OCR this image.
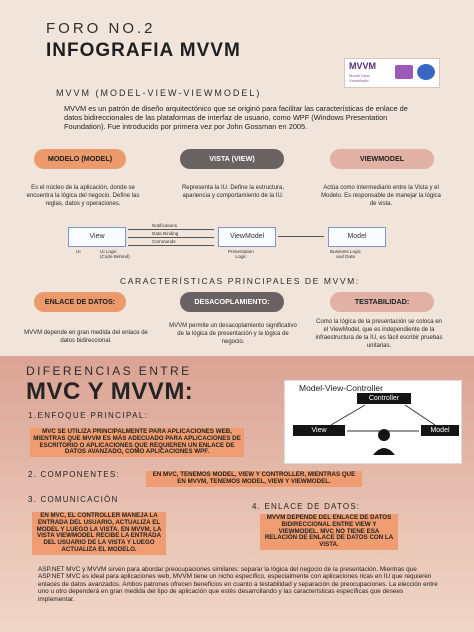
FORO NO.2
INFOGRAFIA MVVM
MVVM
Model View ViewModel
MVVM (MODEL-VIEW-VIEWMODEL)
MVVM es un patrón de diseño arquitectónico que se originó para facilitar las características de enlace de datos bidireccionales de las plataformas de interfaz de usuario, como WPF (Windows Presentation Foundation). Fue introducido por primera vez por John Gossman en 2005.
MODELO (MODEL)	VISTA (VIEW)	VIEWMODEL
Es el núcleo de la aplicación, donde se encuentra la lógica del negocio. Define las reglas, datos y operaciones.
Representa la IU. Define la estructura, apariencia y comportamiento de la IU.
Actúa como intermediario entre la Vista y el Modelo. Es responsable de manejar la lógica de vista.
View	ViewModel	Model
Notifications
Data Binding
Commands
UI	UI Logic
(Code Behind)
Presentation
Logic
Business Logic
and Data
CARACTERÍSTICAS PRINCIPALES DE MVVM:
ENLACE DE DATOS:	DESACOPLAMIENTO:	TESTABILIDAD:
MVVM depende en gran medida del enlace de datos bidireccional.
MVVM permite un desacoplamiento significativo de la lógica de presentación y la lógica de negocio.
Como la lógica de la presentación se coloca en el ViewModel, que es independiente de la infraestructura de la IU, es fácil escribir pruebas unitarias.
DIFERENCIAS ENTRE
MVC Y MVVM:	Model-View-Controller
Controller
View	Model
1.ENFOQUE PRINCIPAL:
MVC SE UTILIZA PRINCIPALMENTE PARA APLICACIONES WEB, MIENTRAS QUE MVVM ES MÁS ADECUADO PARA APLICACIONES DE ESCRITORIO O APLICACIONES QUE REQUIEREN UN ENLACE DE DATOS AVANZADO, COMO APLICACIONES WPF.
2. COMPONENTES:	EN MVC, TENEMOS MODEL, VIEW Y CONTROLLER, MIENTRAS QUE EN MVVM, TENEMOS MODEL, VIEW Y VIEWMODEL.
3. COMUNICACIÓN
EN MVC, EL CONTROLLER MANEJA LA ENTRADA DEL USUARIO, ACTUALIZA EL MODEL Y LUEGO LA VISTA. EN MVVM, LA VISTA VIEWMODEL RECIBE LA ENTRADA DEL USUARIO DE LA VISTA Y LUEGO ACTUALIZA EL MODELO.
4. ENLACE DE DATOS:
MVVM DEPENDE DEL ENLACE DE DATOS BIDIRECCIONAL ENTRE VIEW Y VIEWMODEL. MVC NO TIENE ESA RELACIÓN DE ENLACE DE DATOS CON LA VISTA.
ASP.NET MVC y MVVM sirven para abordar preocupaciones similares: separar la lógica del negocio de la presentación. Mientras que ASP.NET MVC es ideal para aplicaciones web, MVVM tiene un nicho específico, especialmente con aplicaciones ricas en IU que requieren enlaces de datos avanzados. Ambos patrones ofrecen beneficios en cuanto a testabilidad y separación de preocupaciones. La elección entre uno u otro dependerá en gran medida del tipo de aplicación que estés desarrollando y las características específicas que desees implementar.
